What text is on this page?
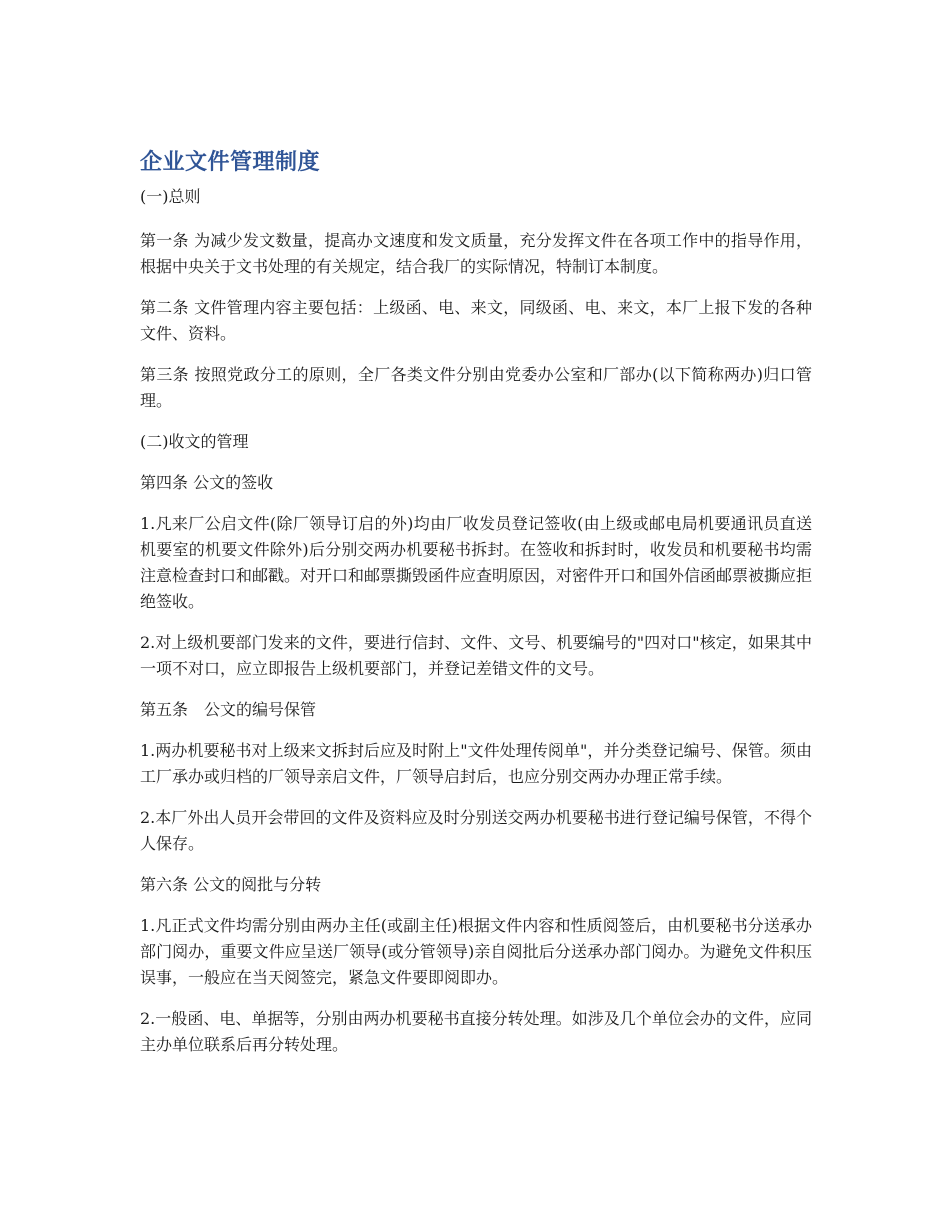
企业文件管理制度

(一)总则

第一条 为减少发文数量，提高办文速度和发文质量，充分发挥文件在各项工作中的指导作用，根据中央关于文书处理的有关规定，结合我厂的实际情况，特制订本制度。

第二条 文件管理内容主要包括：上级函、电、来文，同级函、电、来文，本厂上报下发的各种文件、资料。

第三条 按照党政分工的原则，全厂各类文件分别由党委办公室和厂部办(以下简称两办)归口管理。

(二)收文的管理

第四条 公文的签收

1.凡来厂公启文件(除厂领导订启的外)均由厂收发员登记签收(由上级或邮电局机要通讯员直送机要室的机要文件除外)后分别交两办机要秘书拆封。在签收和拆封时，收发员和机要秘书均需注意检查封口和邮戳。对开口和邮票撕毁函件应查明原因，对密件开口和国外信函邮票被撕应拒绝签收。

2.对上级机要部门发来的文件，要进行信封、文件、文号、机要编号的"四对口"核定，如果其中一项不对口，应立即报告上级机要部门，并登记差错文件的文号。

第五条　公文的编号保管

1.两办机要秘书对上级来文拆封后应及时附上"文件处理传阅单"，并分类登记编号、保管。须由工厂承办或归档的厂领导亲启文件，厂领导启封后，也应分别交两办办理正常手续。

2.本厂外出人员开会带回的文件及资料应及时分别送交两办机要秘书进行登记编号保管，不得个人保存。

第六条 公文的阅批与分转

1.凡正式文件均需分别由两办主任(或副主任)根据文件内容和性质阅签后，由机要秘书分送承办部门阅办，重要文件应呈送厂领导(或分管领导)亲自阅批后分送承办部门阅办。为避免文件积压误事，一般应在当天阅签完，紧急文件要即阅即办。

2.一般函、电、单据等，分别由两办机要秘书直接分转处理。如涉及几个单位会办的文件，应同主办单位联系后再分转处理。
